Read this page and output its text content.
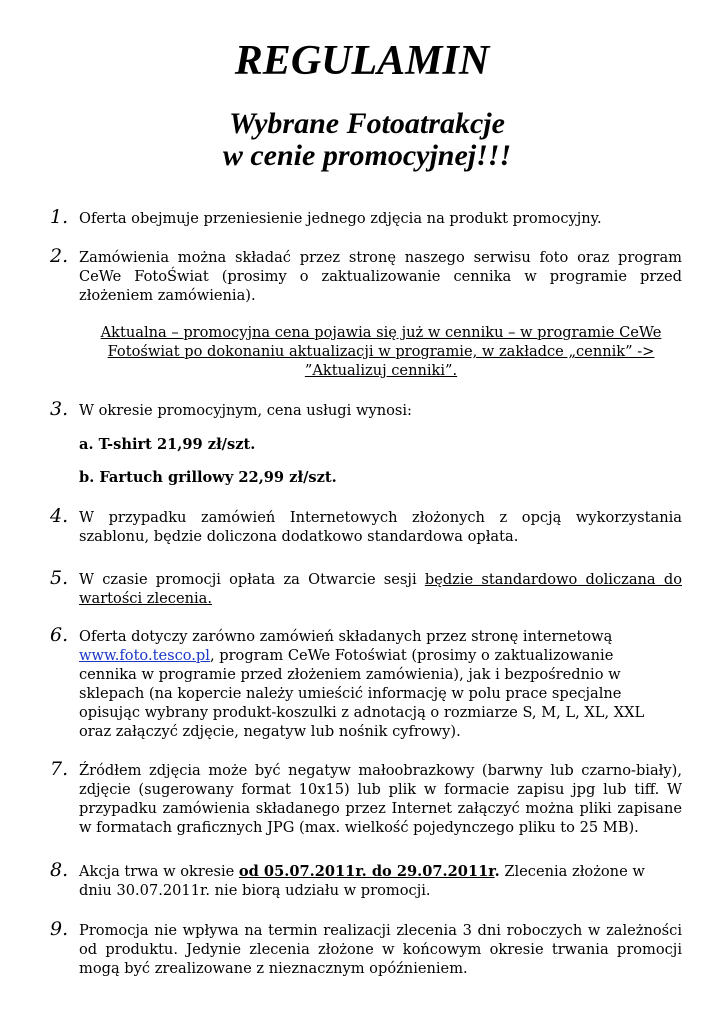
REGULAMIN
Wybrane Fotoatrakcje
w cenie promocyjnej!!!
1. Oferta obejmuje przeniesienie jednego zdjęcia na produkt promocyjny.
2. Zamówienia można składać przez stronę naszego serwisu foto oraz program CeWe FotoŚwiat (prosimy o zaktualizowanie cennika w programie przed złożeniem zamówienia).
Aktualna – promocyjna cena pojawia się już w cenniku – w programie CeWe Fotoświat po dokonaniu aktualizacji w programie, w zakładce „cennik” -> ”Aktualizuj cenniki”.
3. W okresie promocyjnym, cena usługi wynosi:
a. T-shirt 21,99 zł/szt.
b. Fartuch grillowy 22,99 zł/szt.
4. W przypadku zamówień Internetowych złożonych z opcją wykorzystania szablonu, będzie doliczona dodatkowo standardowa opłata.
5. W czasie promocji opłata za Otwarcie sesji będzie standardowo doliczana do wartości zlecenia.
6. Oferta dotyczy zarówno zamówień składanych przez stronę internetową www.foto.tesco.pl, program CeWe Fotoświat (prosimy o zaktualizowanie cennika w programie przed złożeniem zamówienia), jak i bezpośrednio w sklepach (na kopercie należy umieścić informację w polu prace specjalne opisując wybrany produkt-koszulki z adnotacją o rozmiarze S, M, L, XL, XXL oraz załączyć zdjęcie, negatyw lub nośnik cyfrowy).
7. Źródłem zdjęcia może być negatyw małoobrazkowy (barwny lub czarno-biały), zdjęcie (sugerowany format 10x15) lub plik w formacie zapisu jpg lub tiff. W przypadku zamówienia składanego przez Internet załączyć można pliki zapisane w formatach graficznych JPG (max. wielkość pojedynczego pliku to 25 MB).
8. Akcja trwa w okresie od 05.07.2011r. do 29.07.2011r. Zlecenia złożone w dniu 30.07.2011r. nie biorą udziału w promocji.
9. Promocja nie wpływa na termin realizacji zlecenia 3 dni roboczych w zależności od produktu. Jedynie zlecenia złożone w końcowym okresie trwania promocji mogą być zrealizowane z nieznacznym opóźnieniem.
